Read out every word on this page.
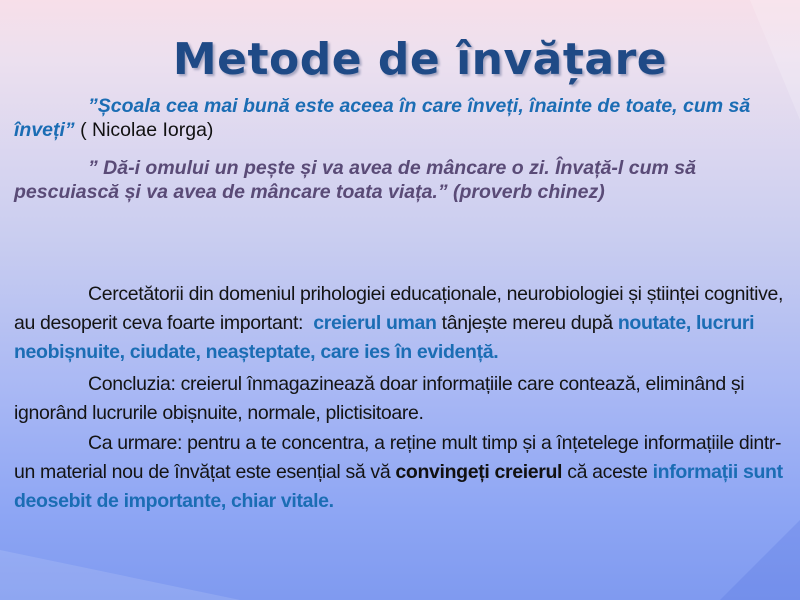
Metode de învățare

”Școala cea mai bună este aceea în care înveți, înainte de toate, cum să înveți” ( Nicolae Iorga)

” Dă-i omului un pește și va avea de mâncare o zi. Învață-l cum să pescuiască și va avea de mâncare toata viața.” (proverb chinez)

Cercetătorii din domeniul prihologiei educaționale, neurobiologiei și științei cognitive, au desoperit ceva foarte important: creierul uman tânjește mereu după noutate, lucruri neobișnuite, ciudate, neașteptate, care ies în evidență.

Concluzia: creierul înmagazinează doar informațiile care contează, eliminând și ignorând lucrurile obișnuite, normale, plictisitoare.

Ca urmare: pentru a te concentra, a reține mult timp și a înțetelege informațiile dintr-un material nou de învățat este esențial să vă convingeți creierul că aceste informații sunt deosebit de importante, chiar vitale.
